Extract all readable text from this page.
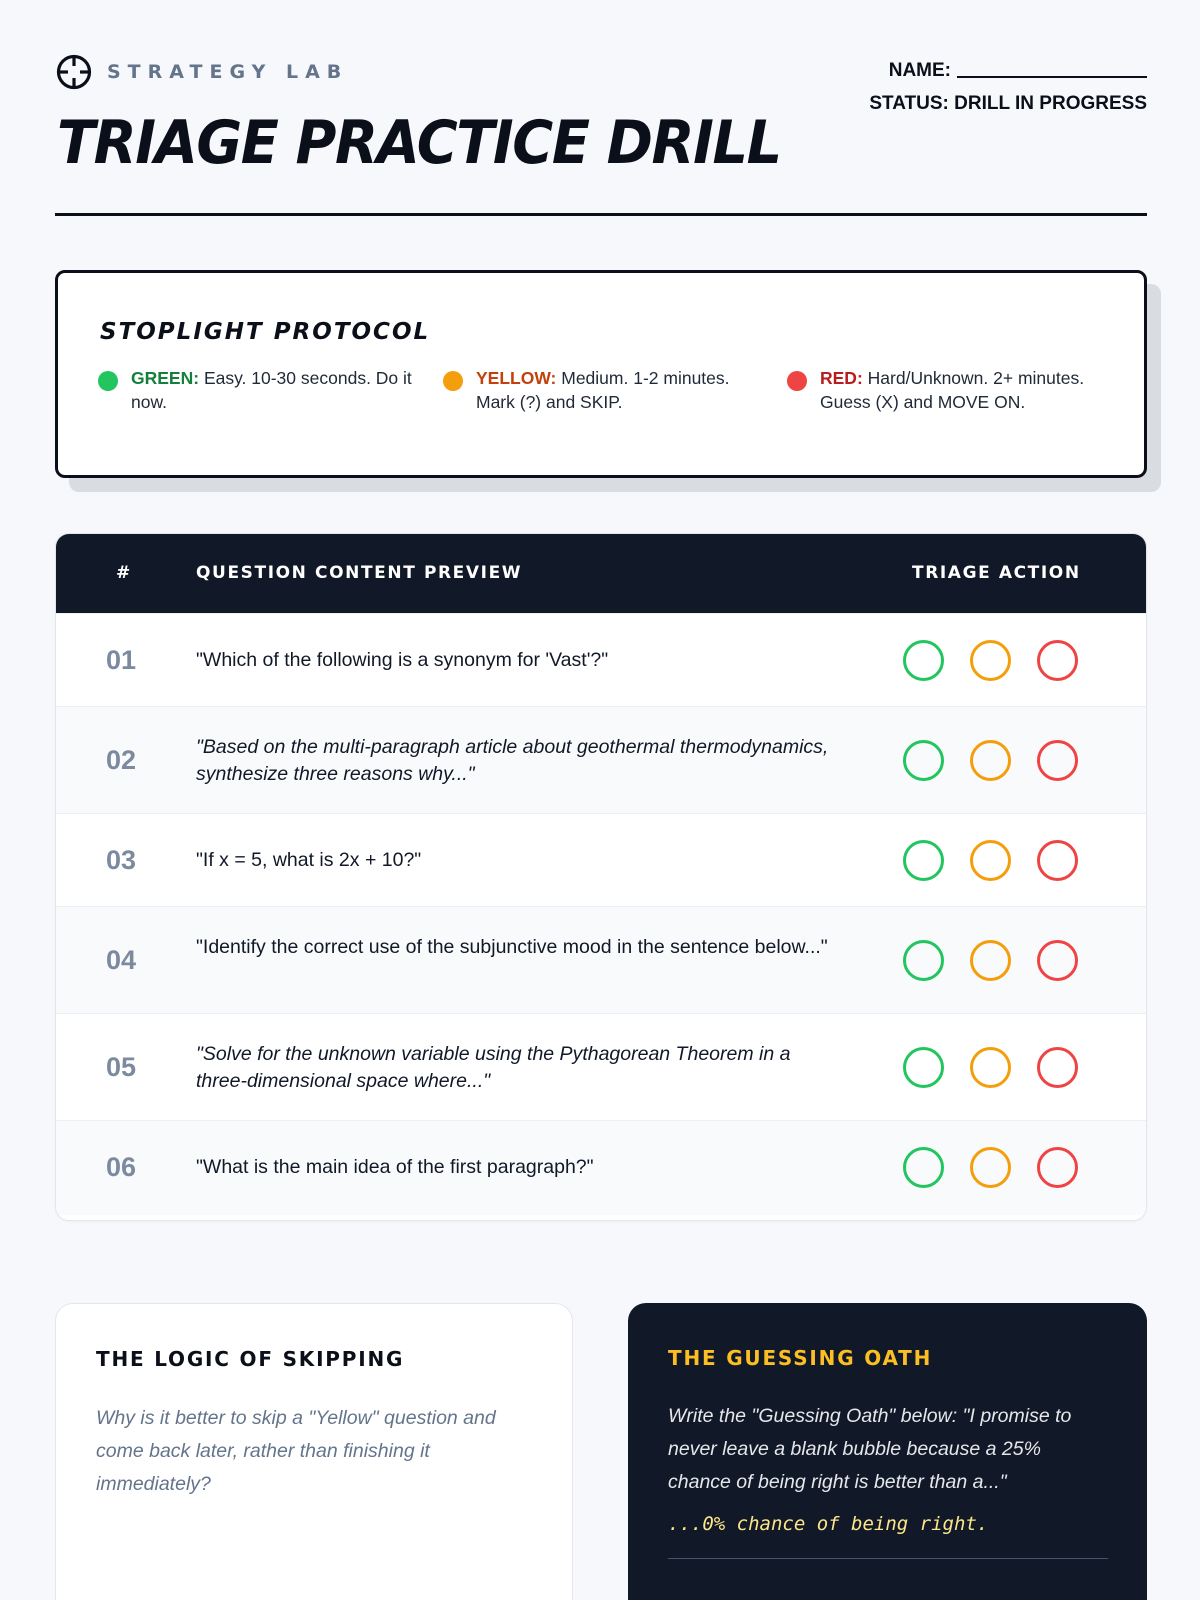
STRATEGY LAB
TRIAGE PRACTICE DRILL
NAME:
STATUS: DRILL IN PROGRESS
STOPLIGHT PROTOCOL
GREEN: Easy. 10-30 seconds. Do it now.
YELLOW: Medium. 1-2 minutes. Mark (?) and SKIP.
RED: Hard/Unknown. 2+ minutes. Guess (X) and MOVE ON.
#	QUESTION CONTENT PREVIEW	TRIAGE ACTION
01	"Which of the following is a synonym for 'Vast'?"
02	"Based on the multi-paragraph article about geothermal thermodynamics, synthesize three reasons why..."
03	"If x = 5, what is 2x + 10?"
04	"Identify the correct use of the subjunctive mood in the sentence below..."
05	"Solve for the unknown variable using the Pythagorean Theorem in a three-dimensional space where..."
06	"What is the main idea of the first paragraph?"
THE LOGIC OF SKIPPING

Why is it better to skip a "Yellow" question and come back later, rather than finishing it immediately?

THE GUESSING OATH

Write the "Guessing Oath" below: "I promise to never leave a blank bubble because a 25% chance of being right is better than a..."

...0% chance of being right.
